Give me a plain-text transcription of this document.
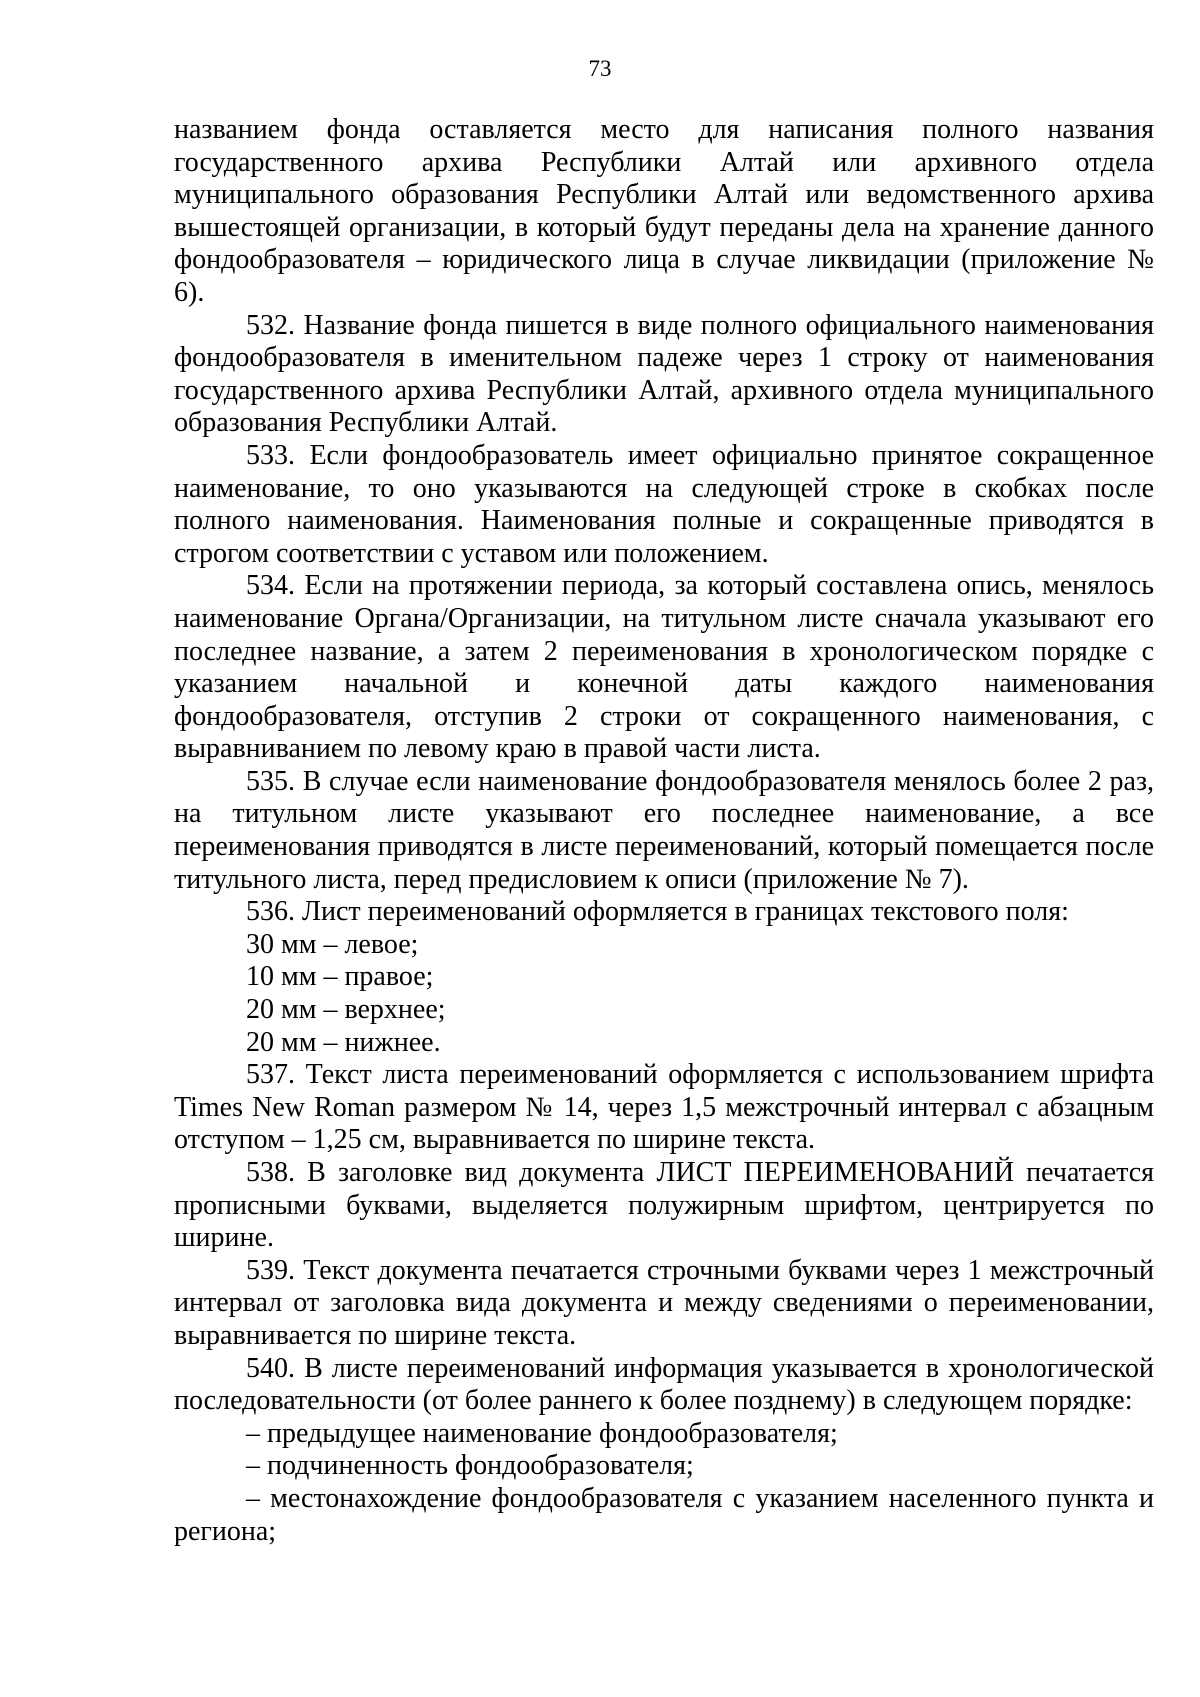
73

названием фонда оставляется место для написания полного названия государственного архива Республики Алтай или архивного отдела муниципального образования Республики Алтай или ведомственного архива вышестоящей организации, в который будут переданы дела на хранение данного фондообразователя – юридического лица в случае ликвидации (приложение № 6).

532. Название фонда пишется в виде полного официального наименования фондообразователя в именительном падеже через 1 строку от наименования государственного архива Республики Алтай, архивного отдела муниципального образования Республики Алтай.

533. Если фондообразователь имеет официально принятое сокращенное наименование, то оно указываются на следующей строке в скобках после полного наименования. Наименования полные и сокращенные приводятся в строгом соответствии с уставом или положением.

534. Если на протяжении периода, за который составлена опись, менялось наименование Органа/Организации, на титульном листе сначала указывают его последнее название, а затем 2 переименования в хронологическом порядке с указанием начальной и конечной даты каждого наименования фондообразователя, отступив 2 строки от сокращенного наименования, с выравниванием по левому краю в правой части листа.

535. В случае если наименование фондообразователя менялось более 2 раз, на титульном листе указывают его последнее наименование, а все переименования приводятся в листе переименований, который помещается после титульного листа, перед предисловием к описи (приложение № 7).

536. Лист переименований оформляется в границах текстового поля:

30 мм – левое;

10 мм – правое;

20 мм – верхнее;

20 мм – нижнее.

537. Текст листа переименований оформляется с использованием шрифта Times New Roman размером № 14, через 1,5 межстрочный интервал с абзацным отступом – 1,25 см, выравнивается по ширине текста.

538. В заголовке вид документа ЛИСТ ПЕРЕИМЕНОВАНИЙ печатается прописными буквами, выделяется полужирным шрифтом, центрируется по ширине.

539. Текст документа печатается строчными буквами через 1 межстрочный интервал от заголовка вида документа и между сведениями о переименовании, выравнивается по ширине текста.

540. В листе переименований информация указывается в хронологической последовательности (от более раннего к более позднему) в следующем порядке:

– предыдущее наименование фондообразователя;

– подчиненность фондообразователя;

– местонахождение фондообразователя с указанием населенного пункта и региона;
